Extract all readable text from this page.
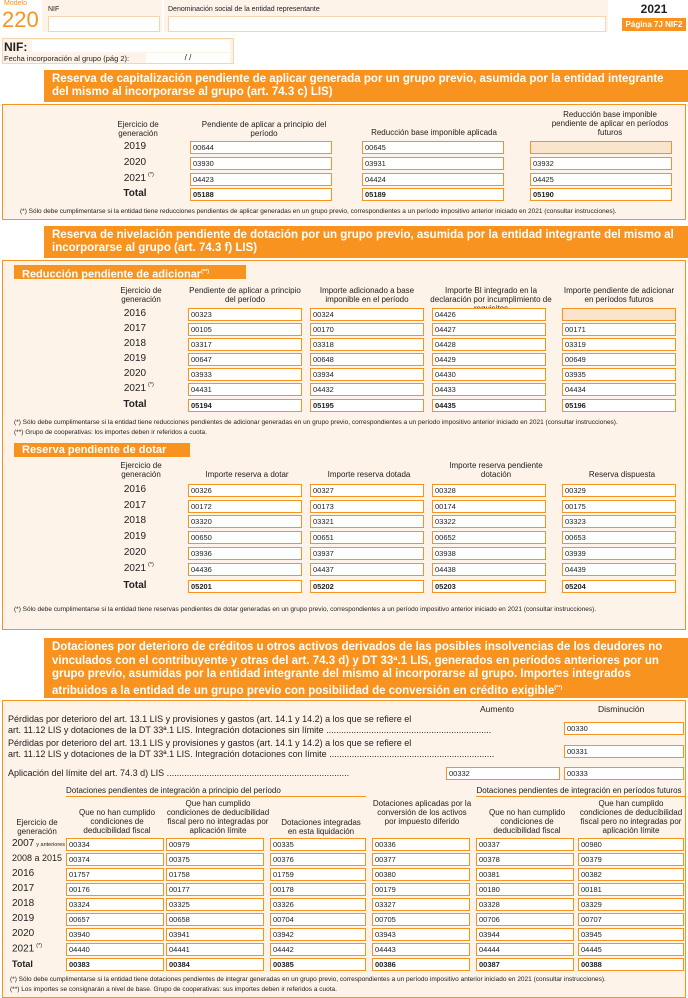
Modelo
220 NIF	Denominación social de la entidad representante	2021
Página 7J NIF2
NIF:
Fecha incorporación al grupo (pág 2):	/ /
Reserva de capitalización pendiente de aplicar generada por un grupo previo, asumida por la entidad integrante del mismo al incorporarse al grupo (art. 74.3 c) LIS)
Reserva de nivelación pendiente de dotación por un grupo previo, asumida por la entidad integrante del mismo al incorporarse al grupo (art. 74.3 f) LIS)
Reducción pendiente de adicionar(**)
Reserva pendiente de dotar
Dotaciones por deterioro de créditos u otros activos derivados de las posibles insolvencias de los deudores no vinculados con el contribuyente y otras del art. 74.3 d) y DT 33ª.1 LIS, generados en períodos anteriores por un grupo previo, asumidas por la entidad integrante del mismo al incorporarse al grupo. Importes integrados atribuidos a la entidad de un grupo previo con posibilidad de conversión en crédito exigible(**)
Ejercicio de generación
Pendiente de aplicar a principio del período	Reducción base imponible aplicada
Reducción base imponible pendiente de aplicar en períodos futuros
2019	00644	00645
2020	03930	03931	03932
2021 (*)	04423	04424	04425
Total	05188	05189	05190
(*) Sólo debe cumplimentarse si la entidad tiene reducciones pendientes de aplicar generadas en un grupo previo, correspondientes a un período impositivo anterior iniciado en 2021 (consultar instrucciones).
Ejercicio de generación
Pendiente de aplicar a principio del período
Importe adicionado a base imponible en el período
Importe BI integrado en la declaración por incumplimiento de
Importe pendiente de adicionar en períodos futuros
2016	00323	00324	04426
2017	00105	00170	04427	00171
2018	03317	03318	04428	03319
2019	00647	00648	04429	00649
2020	03933	03934	04430	03935
2021 (*)	04431	04432	04433	04434
Total	05194	05195	04435	05196
(*) Sólo debe cumplimentarse si la entidad tiene reducciones pendientes de adicionar generadas en un grupo previo, correspondientes a un período impositivo anterior iniciado en 2021 (consultar instrucciones).
(**) Grupo de cooperativas: los importes deben ir referidos a cuota.
Ejercicio de generación	Importe reserva a dotar	Importe reserva dotada
Importe reserva pendiente dotación	Reserva dispuesta
2016	00326	00327	00328	00329
2017	00172	00173	00174	00175
2018	03320	03321	03322	03323
2019	00650	00651	00652	00653
2020	03936	03937	03938	03939
2021 (*)	04436	04437	04438	04439
Total	05201	05202	05203	05204
(*) Sólo debe cumplimentarse si la entidad tiene reservas pendientes de dotar generadas en un grupo previo, correspondientes a un período impositivo anterior iniciado en 2021 (consultar instrucciones).
Aumento	Disminución
Pérdidas por deterioro del art. 13.1 LIS y provisiones y gastos (art. 14.1 y 14.2) a los que se refiere el
art. 11.12 LIS y dotaciones de la DT 33ª.1 LIS. Integración dotaciones sin límite ..................................................................	00330
Pérdidas por deterioro del art. 13.1 LIS y provisiones y gastos (art. 14.1 y 14.2) a los que se refiere el
art. 11.12 LIS y dotaciones de la DT 33ª.1 LIS. Integración dotaciones con límite ..................................................................	00331
Aplicación del límite del art. 74.3 d) LIS .........................................................................	00332	00333
Dotaciones pendientes de integración a principio del período	Dotaciones pendientes de integración en períodos futuros
Ejercicio de generación
Que no han cumplido condiciones de deducibilidad fiscal
Que han cumplido condiciones de deducibilidad fiscal pero no integradas por aplicación límite
Dotaciones integradas en esta liquidación
Dotaciones aplicadas por la conversión de los activos por impuesto diferido
Que no han cumplido condiciones de deducibilidad fiscal
Que han cumplido condiciones de deducibilidad fiscal pero no integradas por aplicación límite
2007 y anteriores 00334	00979	00335	00336	00337	00980
2008 a 2015 00374	00375	00376	00377	00378	00379
2016	01757	01758	01759	00380	00381	00382
2017	00176	00177	00178	00179	00180	00181
2018	03324	03325	03326	03327	03328	03329
2019	00657	00658	00704	00705	00706	00707
2020	03940	03941	03942	03943	03944	03945
2021 (*)	04440	04441	04442	04443	04444	04445
Total	00383	00384	00385	00386	00387	00388
(*) Sólo debe cumplimentarse si la entidad tiene dotaciones pendientes de integrar generadas en un grupo previo, correspondientes a un período impositivo anterior iniciado en 2021 (consultar instrucciones).
(**) Los importes se consignarán a nivel de base. Grupo de cooperativas: sus importes deben ir referidos a cuota.
